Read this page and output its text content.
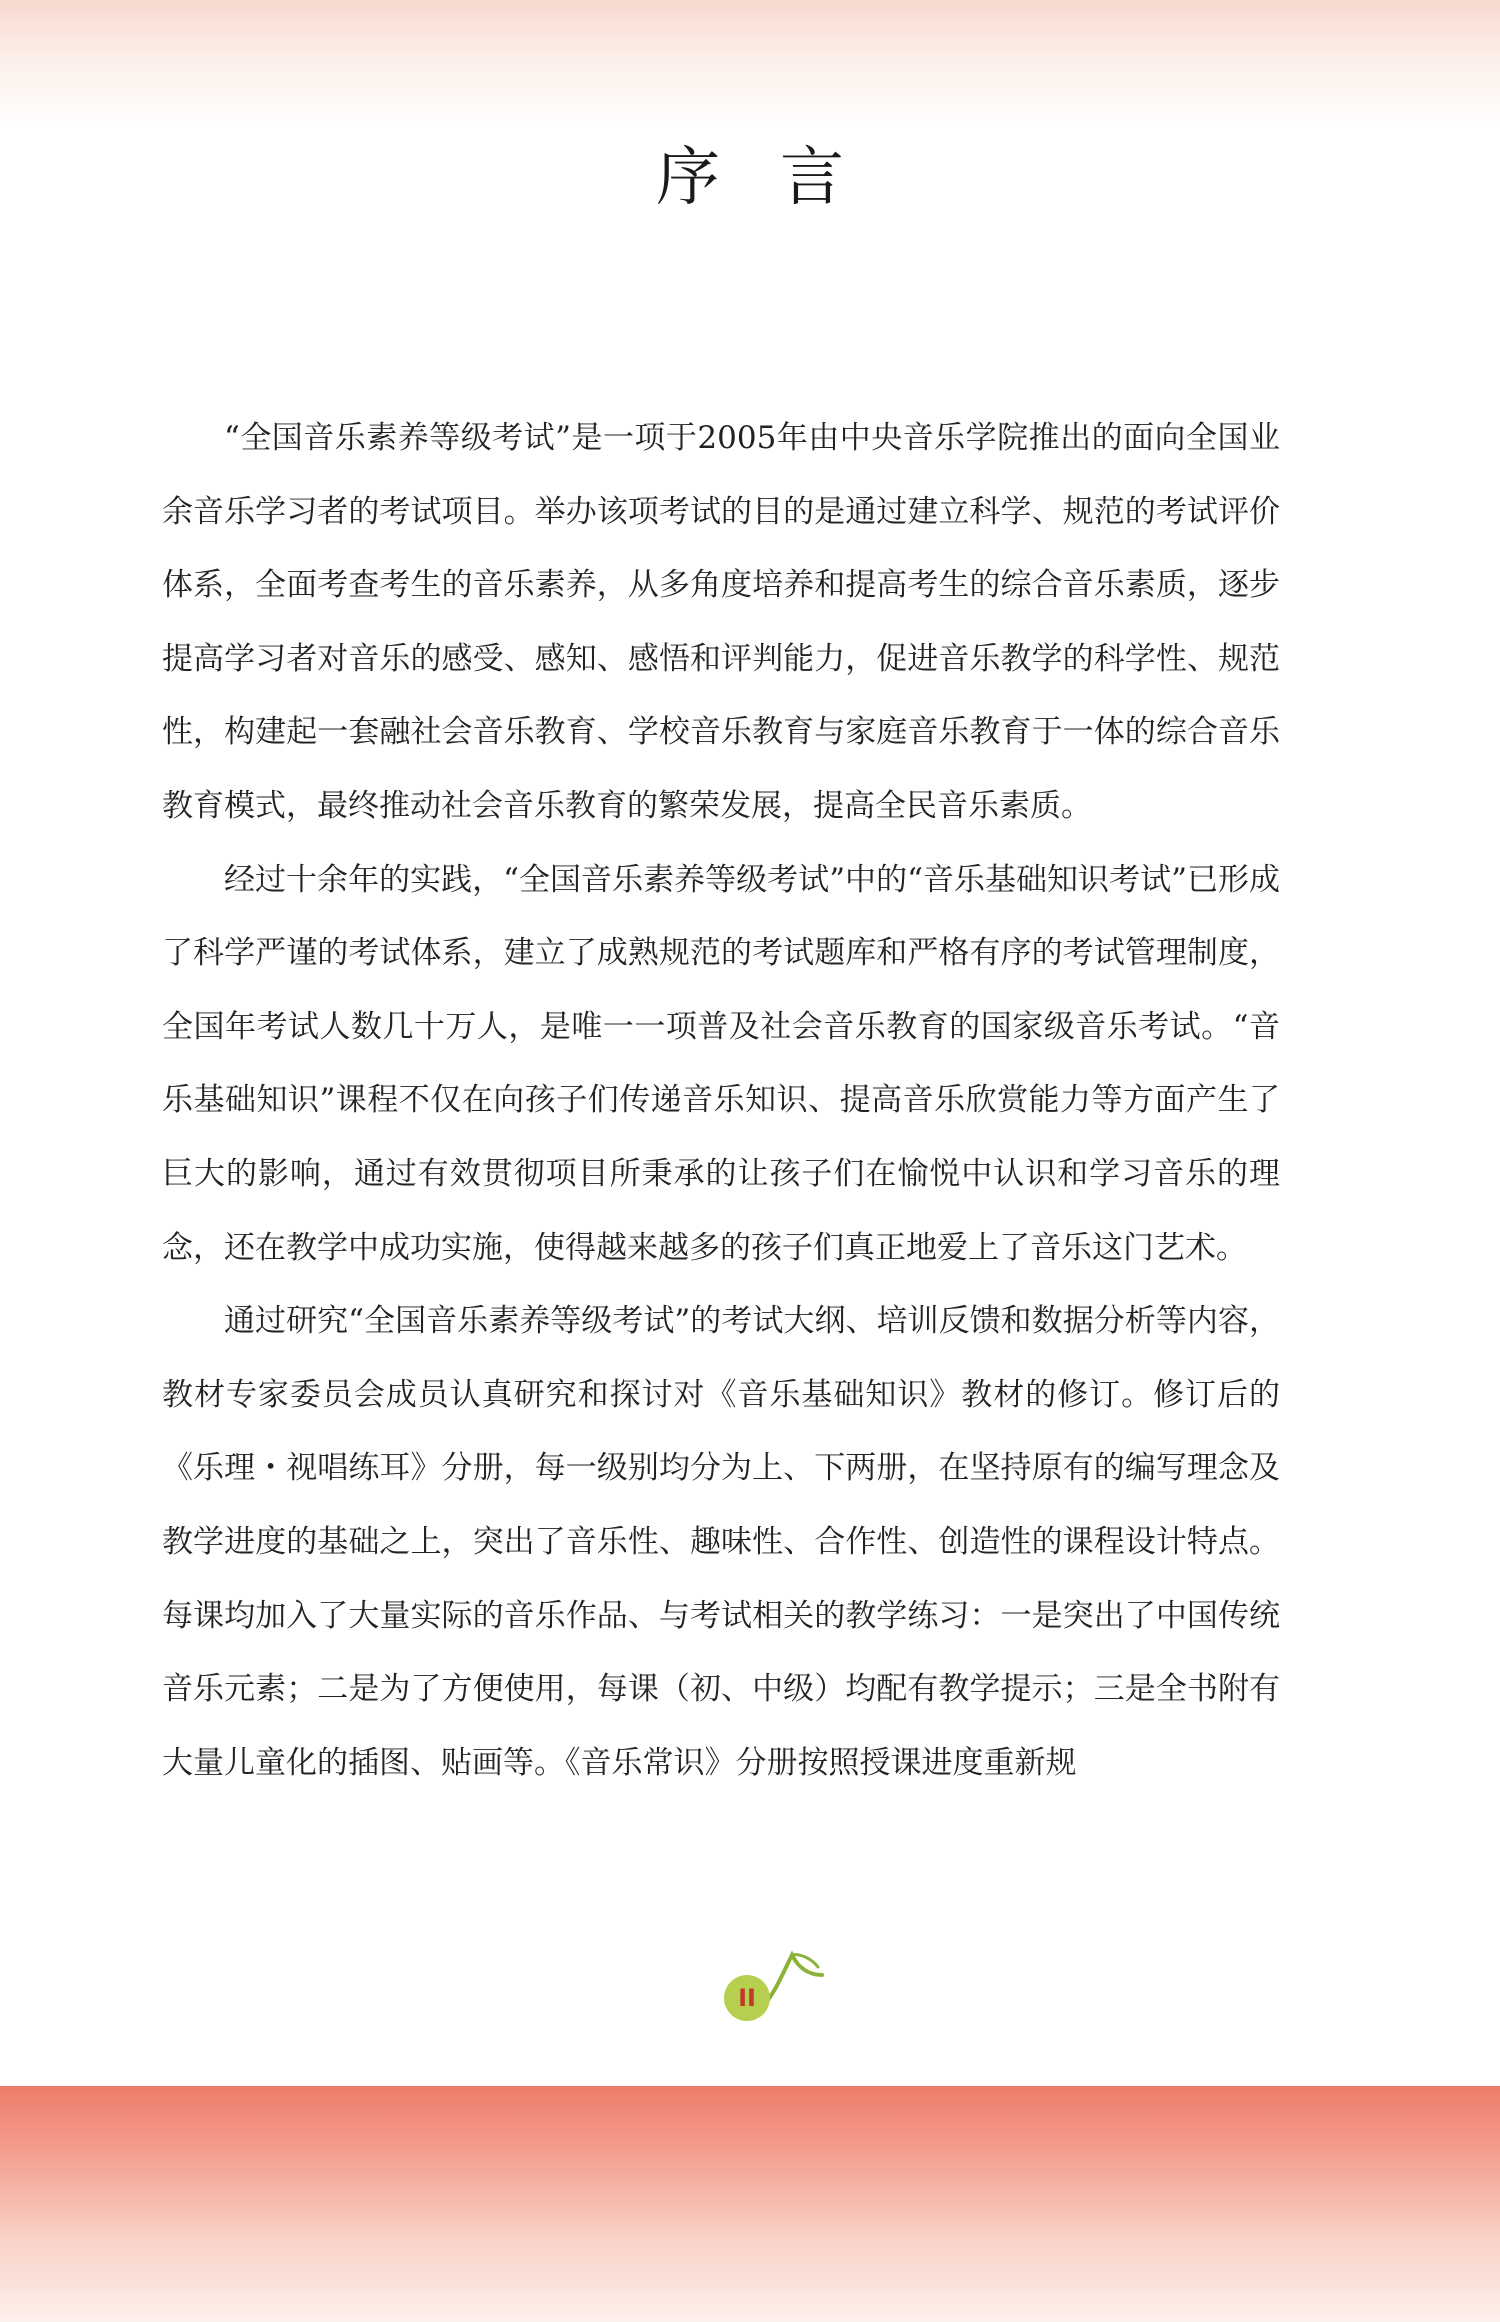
序言

“全国音乐素养等级考试”是一项于2005年由中央音乐学院推出的面向全国业余音乐学习者的考试项目。举办该项考试的目的是通过建立科学、规范的考试评价体系，全面考查考生的音乐素养，从多角度培养和提高考生的综合音乐素质，逐步提高学习者对音乐的感受、感知、感悟和评判能力，促进音乐教学的科学性、规范性，构建起一套融社会音乐教育、学校音乐教育与家庭音乐教育于一体的综合音乐教育模式，最终推动社会音乐教育的繁荣发展，提高全民音乐素质。

经过十余年的实践，“全国音乐素养等级考试”中的“音乐基础知识考试”已形成了科学严谨的考试体系，建立了成熟规范的考试题库和严格有序的考试管理制度，全国年考试人数几十万人，是唯一一项普及社会音乐教育的国家级音乐考试。“音乐基础知识”课程不仅在向孩子们传递音乐知识、提高音乐欣赏能力等方面产生了巨大的影响，通过有效贯彻项目所秉承的让孩子们在愉悦中认识和学习音乐的理念，还在教学中成功实施，使得越来越多的孩子们真正地爱上了音乐这门艺术。

通过研究“全国音乐素养等级考试”的考试大纲、培训反馈和数据分析等内容，教材专家委员会成员认真研究和探讨对《音乐基础知识》教材的修订。修订后的《乐理・视唱练耳》分册，每一级别均分为上、下两册，在坚持原有的编写理念及教学进度的基础之上，突出了音乐性、趣味性、合作性、创造性的课程设计特点。每课均加入了大量实际的音乐作品、与考试相关的教学练习：一是突出了中国传统音乐元素；二是为了方便使用，每课（初、中级）均配有教学提示；三是全书附有大量儿童化的插图、贴画等。《音乐常识》分册按照授课进度重新规

II
